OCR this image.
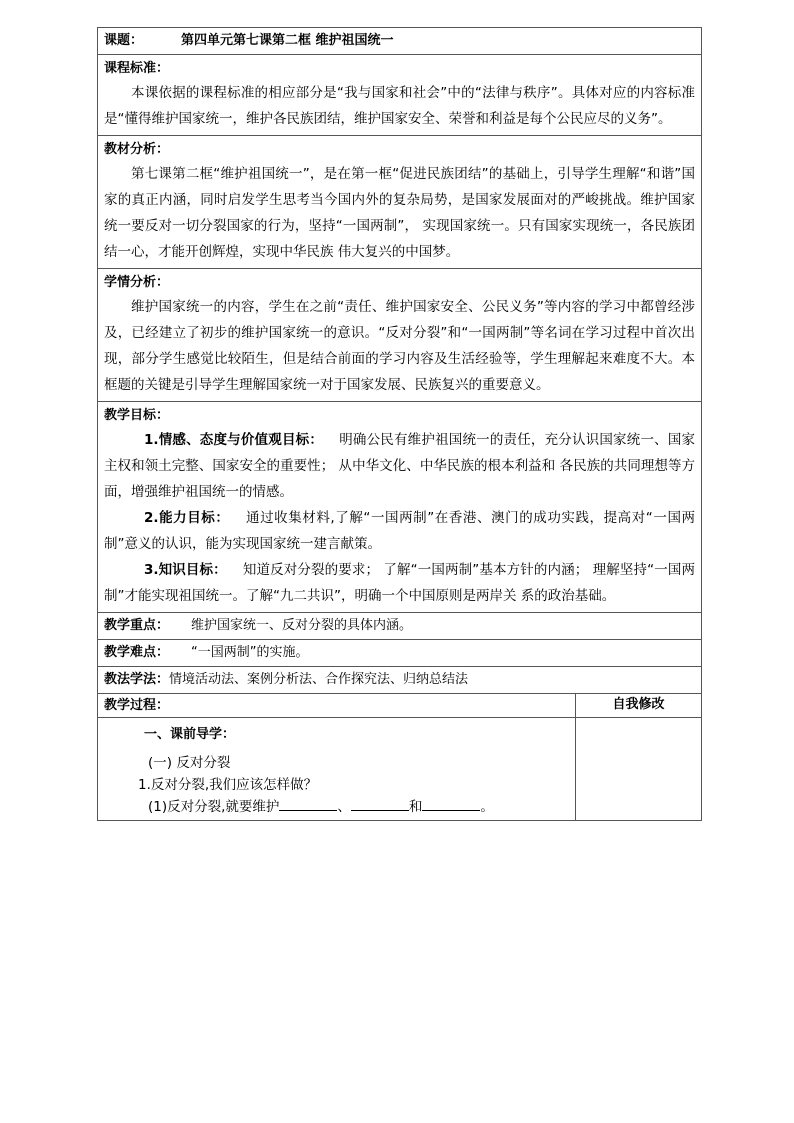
课题： 第四单元第七课第二框 维护祖国统一	

课程标准：

本课依据的课程标准的相应部分是“我与国家和社会”中的“法律与秩序”。具体对应的内容标准是“懂得维护国家统一，维护各民族团结，维护国家安全、荣誉和利益是每个公民应尽的义务”。	

教材分析：

第七课第二框“维护祖国统一”，是在第一框“促进民族团结”的基础上，引导学生理解“和谐”国家的真正内涵，同时启发学生思考当今国内外的复杂局势，是国家发展面对的严峻挑战。维护国家统一要反对一切分裂国家的行为，坚持“一国两制”， 实现国家统一。只有国家实现统一，各民族团结一心，才能开创辉煌，实现中华民族 伟大复兴的中国梦。	

学情分析：

维护国家统一的内容，学生在之前“责任、维护国家安全、公民义务”等内容的学习中都曾经涉及，已经建立了初步的维护国家统一的意识。“反对分裂”和“一国两制”等名词在学习过程中首次出现，部分学生感觉比较陌生，但是结合前面的学习内容及生活经验等，学生理解起来难度不大。本框题的关键是引导学生理解国家统一对于国家发展、民族复兴的重要意义。	

教学目标：

1.情感、态度与价值观目标： 明确公民有维护祖国统一的责任，充分认识国家统一、国家主权和领土完整、国家安全的重要性； 从中华文化、中华民族的根本利益和 各民族的共同理想等方面，增强维护祖国统一的情感。

2.能力目标： 通过收集材料,了解“一国两制”在香港、澳门的成功实践，提高对“一国两制”意义的认识，能为实现国家统一建言献策。

3.知识目标： 知道反对分裂的要求； 了解“一国两制”基本方针的内涵； 理解坚持“一国两制”才能实现祖国统一。了解“九二共识”，明确一个中国原则是两岸关 系的政治基础。	

教学重点： 维护国家统一、反对分裂的具体内涵。	
教学难点： “一国两制”的实施。	
教法学法：情境活动法、案例分析法、合作探究法、归纳总结法	
教学过程：	自我修改

一、课前导学：

(一) 反对分裂

1.反对分裂,我们应该怎样做？

(1)反对分裂,就要维护 、 和 。	
